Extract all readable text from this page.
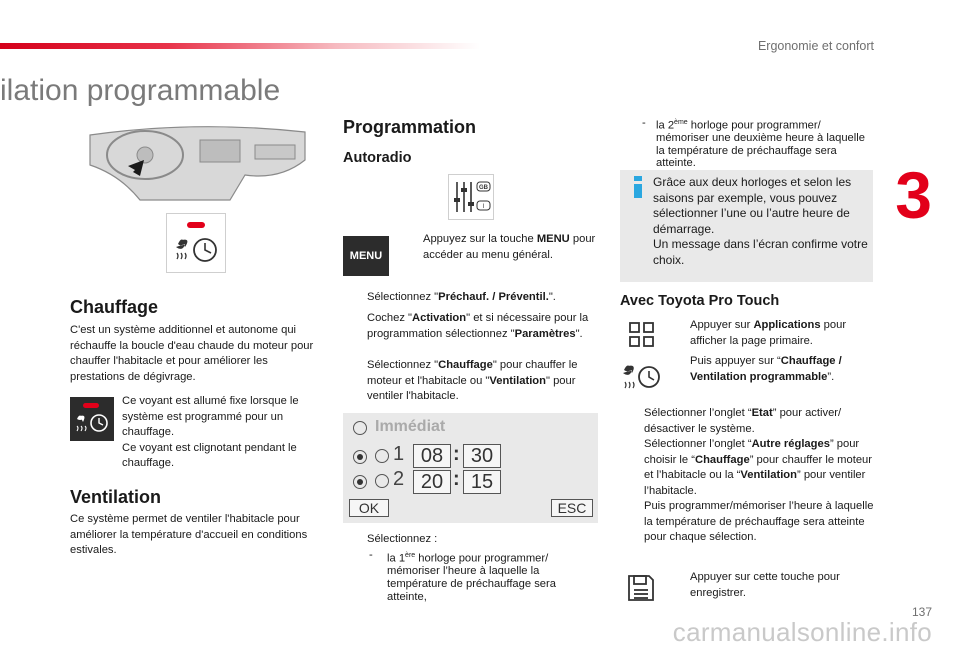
Ergonomie et confort
3
ilation programmable
Chauffage
C'est un système additionnel et autonome qui réchauffe la boucle d'eau chaude du moteur pour chauffer l'habitacle et pour améliorer les prestations de dégivrage.
Ce voyant est allumé fixe lorsque le système est programmé pour un chauffage.
Ce voyant est clignotant pendant le chauffage.
Ventilation
Ce système permet de ventiler l'habitacle pour améliorer la température d'accueil en conditions estivales.
Programmation
Autoradio
GB
I
MENU
Appuyez sur la touche MENU pour accéder au menu général.
Sélectionnez "Préchauf. / Préventil.".
Cochez "Activation" et si nécessaire pour la programmation sélectionnez "Paramètres".
Sélectionnez "Chauffage" pour chauffer le moteur et l'habitacle ou "Ventilation" pour ventiler l'habitacle.
Immédiat
1 08 : 30
2 20 : 15
OK	ESC
Sélectionnez :
- la 1ère horloge pour programmer/ mémoriser l’heure à laquelle la température de préchauffage sera atteinte,
- la 2ème horloge pour programmer/ mémoriser une deuxième heure à laquelle la température de préchauffage sera atteinte.
Grâce aux deux horloges et selon les saisons par exemple, vous pouvez sélectionner l’une ou l’autre heure de démarrage.
Un message dans l’écran confirme votre choix.
Avec Toyota Pro Touch
Appuyer sur Applications pour afficher la page primaire.
Puis appuyer sur “Chauffage / Ventilation programmable”.
Sélectionner l’onglet “Etat” pour activer/ désactiver le système.
Sélectionner l’onglet “Autre réglages” pour choisir le “Chauffage” pour chauffer le moteur et l’habitacle ou la “Ventilation” pour ventiler l’habitacle.
Puis programmer/mémoriser l’heure à laquelle la température de préchauffage sera atteinte pour chaque sélection.
Appuyer sur cette touche pour enregistrer.
137
carmanualsonline.info
